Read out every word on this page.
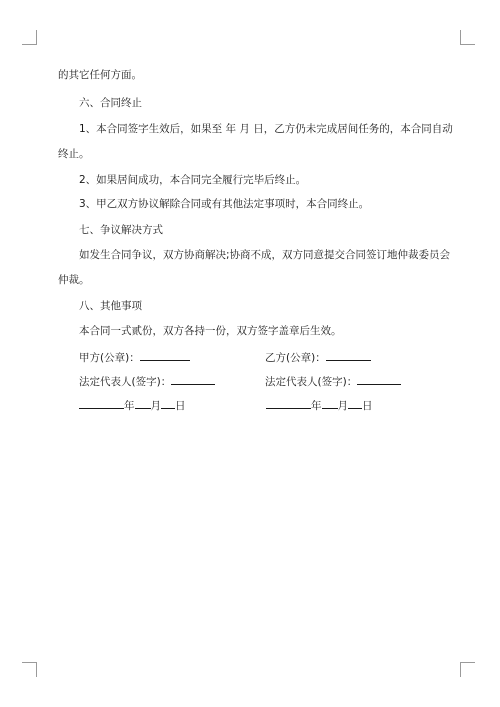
的其它任何方面。
六、合同终止
1、本合同签字生效后，如果至 年 月 日，乙方仍未完成居间任务的，本合同自动
终止。
2、如果居间成功，本合同完全履行完毕后终止。
3、甲乙双方协议解除合同或有其他法定事项时，本合同终止。
七、争议解决方式
如发生合同争议，双方协商解决;协商不成，双方同意提交合同签订地仲裁委员会
仲裁。
八、其他事项
本合同一式贰份，双方各持一份，双方签字盖章后生效。
甲方(公章)：	乙方(公章)：
法定代表人(签字)：	法定代表人(签字)：
年 月 日	年 月 日
